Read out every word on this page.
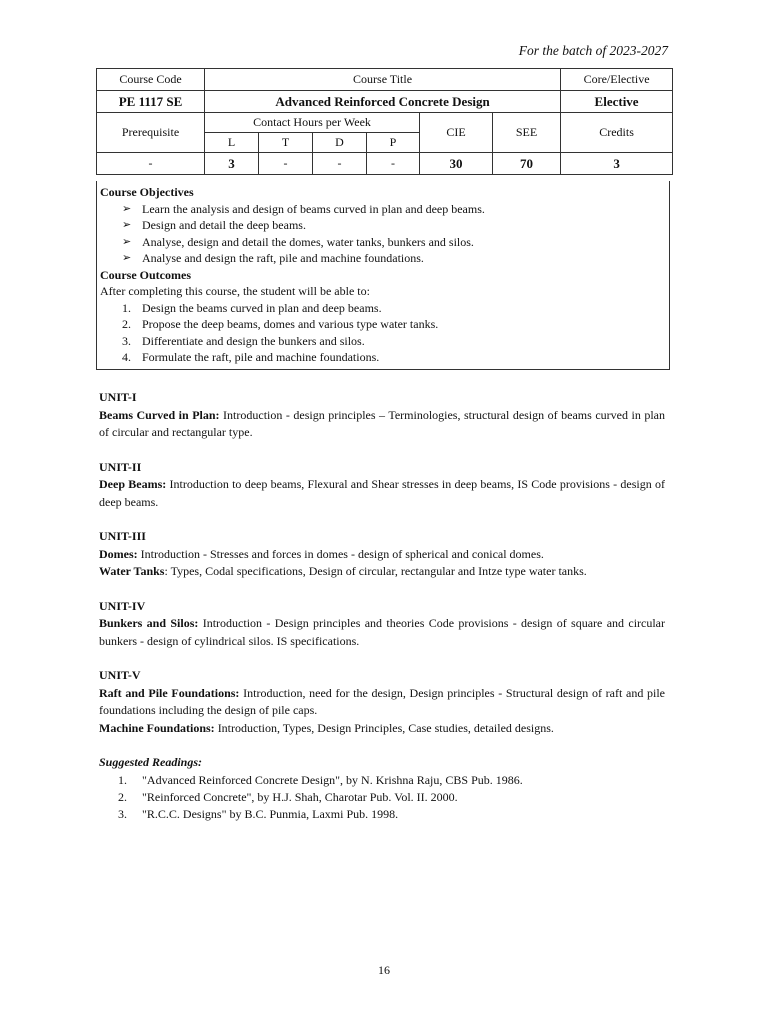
For the batch of 2023-2027
Course Code	Course Title						Core/Elective
PE 1117 SE	Advanced Reinforced Concrete Design						Elective
Prerequisite	Contact Hours per Week				CIE	SEE	Credits
	L	T	D	P			
-	3	-	-	-	30	70	3
Course Objectives
➢ Learn the analysis and design of beams curved in plan and deep beams.
➢ Design and detail the deep beams.
➢ Analyse, design and detail the domes, water tanks, bunkers and silos.
➢ Analyse and design the raft, pile and machine foundations.
Course Outcomes
After completing this course, the student will be able to:
1. Design the beams curved in plan and deep beams.
2. Propose the deep beams, domes and various type water tanks.
3. Differentiate and design the bunkers and silos.
4. Formulate the raft, pile and machine foundations.
UNIT-I
Beams Curved in Plan: Introduction - design principles – Terminologies, structural design of beams curved in plan of circular and rectangular type.
UNIT-II
Deep Beams: Introduction to deep beams, Flexural and Shear stresses in deep beams, IS Code provisions - design of deep beams.
UNIT-III
Domes: Introduction - Stresses and forces in domes - design of spherical and conical domes.
Water Tanks: Types, Codal specifications, Design of circular, rectangular and Intze type water tanks.
UNIT-IV
Bunkers and Silos: Introduction - Design principles and theories Code provisions - design of square and circular bunkers - design of cylindrical silos. IS specifications.
UNIT-V
Raft and Pile Foundations: Introduction, need for the design, Design principles - Structural design of raft and pile foundations including the design of pile caps.
Machine Foundations: Introduction, Types, Design Principles, Case studies, detailed designs.
Suggested Readings:
1.	"Advanced Reinforced Concrete Design", by N. Krishna Raju, CBS Pub. 1986.
2.	"Reinforced Concrete", by H.J. Shah, Charotar Pub. Vol. II. 2000.
3.	"R.C.C. Designs" by B.C. Punmia, Laxmi Pub. 1998.
16
